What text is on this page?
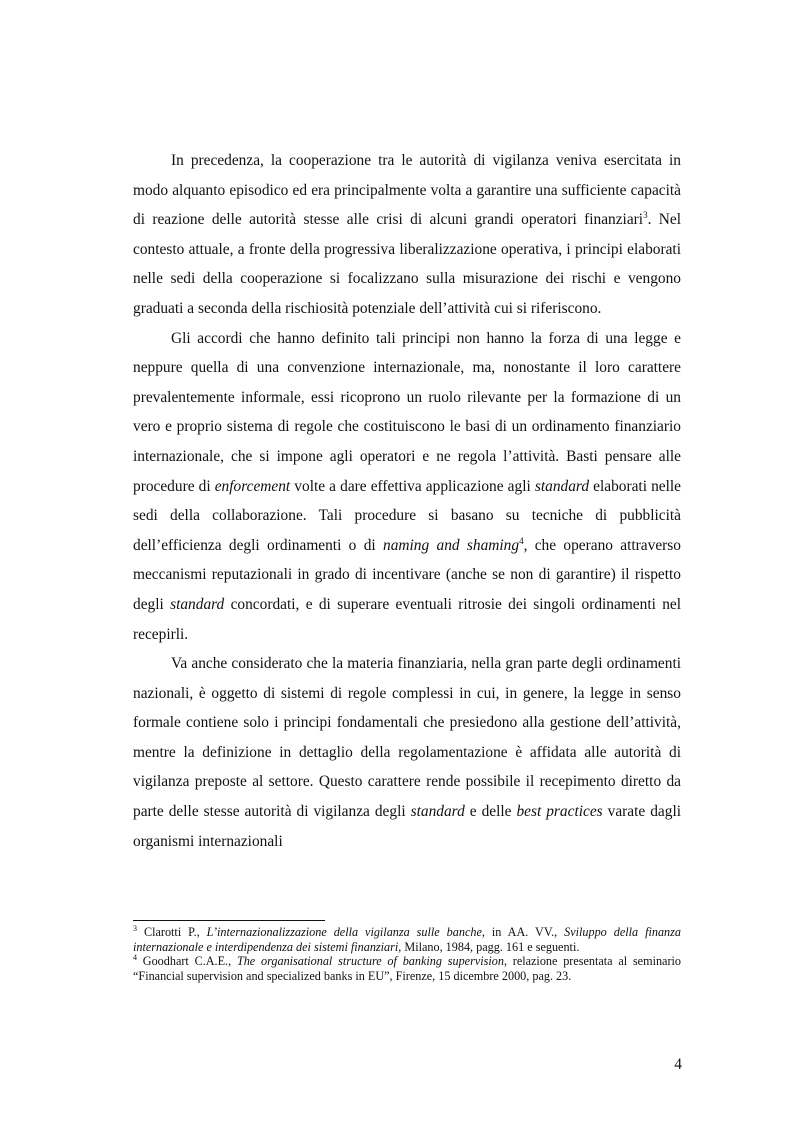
In precedenza, la cooperazione tra le autorità di vigilanza veniva esercitata in modo alquanto episodico ed era principalmente volta a garantire una sufficiente capacità di reazione delle autorità stesse alle crisi di alcuni grandi operatori finanziari$^3$. Nel contesto attuale, a fronte della progressiva liberalizzazione operativa, i principi elaborati nelle sedi della cooperazione si focalizzano sulla misurazione dei rischi e vengono graduati a seconda della rischiosità potenziale dell’attività cui si riferiscono.

Gli accordi che hanno definito tali principi non hanno la forza di una legge e neppure quella di una convenzione internazionale, ma, nonostante il loro carattere prevalentemente informale, essi ricoprono un ruolo rilevante per la formazione di un vero e proprio sistema di regole che costituiscono le basi di un ordinamento finanziario internazionale, che si impone agli operatori e ne regola l’attività. Basti pensare alle procedure di enforcement volte a dare effettiva applicazione agli standard elaborati nelle sedi della collaborazione. Tali procedure si basano su tecniche di pubblicità dell’efficienza degli ordinamenti o di naming and shaming$^4$, che operano attraverso meccanismi reputazionali in grado di incentivare (anche se non di garantire) il rispetto degli standard concordati, e di superare eventuali ritrosie dei singoli ordinamenti nel recepirli.

Va anche considerato che la materia finanziaria, nella gran parte degli ordinamenti nazionali, è oggetto di sistemi di regole complessi in cui, in genere, la legge in senso formale contiene solo i principi fondamentali che presiedono alla gestione dell’attività, mentre la definizione in dettaglio della regolamentazione è affidata alle autorità di vigilanza preposte al settore. Questo carattere rende possibile il recepimento diretto da parte delle stesse autorità di vigilanza degli standard e delle best practices varate dagli organismi internazionali

$^3$ Clarotti P., L’internazionalizzazione della vigilanza sulle banche, in AA. VV., Sviluppo della finanza internazionale e interdipendenza dei sistemi finanziari, Milano, 1984, pagg. 161 e seguenti.

$^4$ Goodhart C.A.E., The organisational structure of banking supervision, relazione presentata al seminario “Financial supervision and specialized banks in EU”, Firenze, 15 dicembre 2000, pag. 23.

4
